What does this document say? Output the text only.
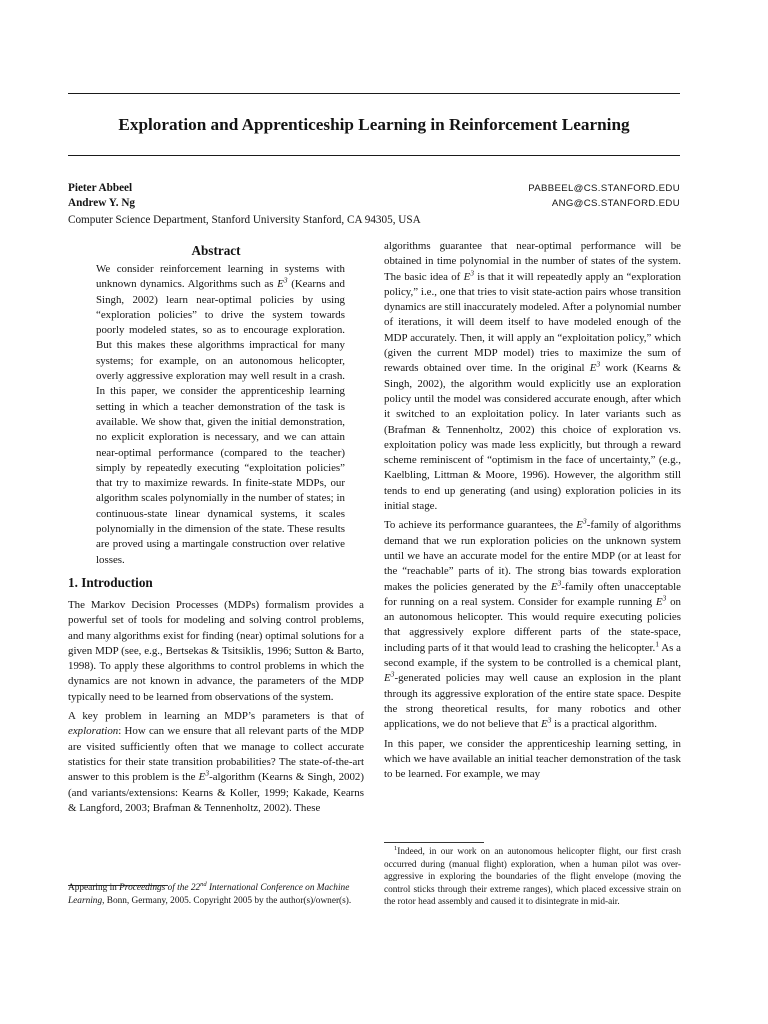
Exploration and Apprenticeship Learning in Reinforcement Learning
Pieter Abbeel	PABBEEL@CS.STANFORD.EDU
Andrew Y. Ng	ANG@CS.STANFORD.EDU
Computer Science Department, Stanford University Stanford, CA 94305, USA
Abstract

We consider reinforcement learning in systems with unknown dynamics. Algorithms such as $E^3$ (Kearns and Singh, 2002) learn near-optimal policies by using “exploration policies” to drive the system towards poorly modeled states, so as to encourage exploration. But this makes these algorithms impractical for many systems; for example, on an autonomous helicopter, overly aggressive exploration may well result in a crash. In this paper, we consider the apprenticeship learning setting in which a teacher demonstration of the task is available. We show that, given the initial demonstration, no explicit exploration is necessary, and we can attain near-optimal performance (compared to the teacher) simply by repeatedly executing “exploitation policies” that try to maximize rewards. In finite-state MDPs, our algorithm scales polynomially in the number of states; in continuous-state linear dynamical systems, it scales polynomially in the dimension of the state. These results are proved using a martingale construction over relative losses.

1. Introduction

The Markov Decision Processes (MDPs) formalism provides a powerful set of tools for modeling and solving control problems, and many algorithms exist for finding (near) optimal solutions for a given MDP (see, e.g., Bertsekas & Tsitsiklis, 1996; Sutton & Barto, 1998). To apply these algorithms to control problems in which the dynamics are not known in advance, the parameters of the MDP typically need to be learned from observations of the system.

A key problem in learning an MDP’s parameters is that of exploration: How can we ensure that all relevant parts of the MDP are visited sufficiently often that we manage to collect accurate statistics for their state transition probabilities? The state-of-the-art answer to this problem is the $E^3$-algorithm (Kearns & Singh, 2002) (and variants/extensions: Kearns & Koller, 1999; Kakade, Kearns & Langford, 2003; Brafman & Tennenholtz, 2002). These

algorithms guarantee that near-optimal performance will be obtained in time polynomial in the number of states of the system. The basic idea of $E^3$ is that it will repeatedly apply an “exploration policy,” i.e., one that tries to visit state-action pairs whose transition dynamics are still inaccurately modeled. After a polynomial number of iterations, it will deem itself to have modeled enough of the MDP accurately. Then, it will apply an “exploitation policy,” which (given the current MDP model) tries to maximize the sum of rewards obtained over time. In the original $E^3$ work (Kearns & Singh, 2002), the algorithm would explicitly use an exploration policy until the model was considered accurate enough, after which it switched to an exploitation policy. In later variants such as (Brafman & Tennenholtz, 2002) this choice of exploration vs. exploitation policy was made less explicitly, but through a reward scheme reminiscent of “optimism in the face of uncertainty,” (e.g., Kaelbling, Littman & Moore, 1996). However, the algorithm still tends to end up generating (and using) exploration policies in its initial stage.

To achieve its performance guarantees, the $E^3$-family of algorithms demand that we run exploration policies on the unknown system until we have an accurate model for the entire MDP (or at least for the “reachable” parts of it). The strong bias towards exploration makes the policies generated by the $E^3$-family often unacceptable for running on a real system. Consider for example running $E^3$ on an autonomous helicopter. This would require executing policies that aggressively explore different parts of the state-space, including parts of it that would lead to crashing the helicopter.$^1$ As a second example, if the system to be controlled is a chemical plant, $E^3$-generated policies may well cause an explosion in the plant through its aggressive exploration of the entire state space. Despite the strong theoretical results, for many robotics and other applications, we do not believe that $E^3$ is a practical algorithm.

In this paper, we consider the apprenticeship learning setting, in which we have available an initial teacher demonstration of the task to be learned. For example, we may

Appearing in Proceedings of the 22nd International Conference on Machine Learning, Bonn, Germany, 2005. Copyright 2005 by the author(s)/owner(s).
$^1$Indeed, in our work on an autonomous helicopter flight, our first crash occurred during (manual flight) exploration, when a human pilot was over-aggressive in exploring the boundaries of the flight envelope (moving the control sticks through their extreme ranges), which placed excessive strain on the rotor head assembly and caused it to disintegrate in mid-air.
